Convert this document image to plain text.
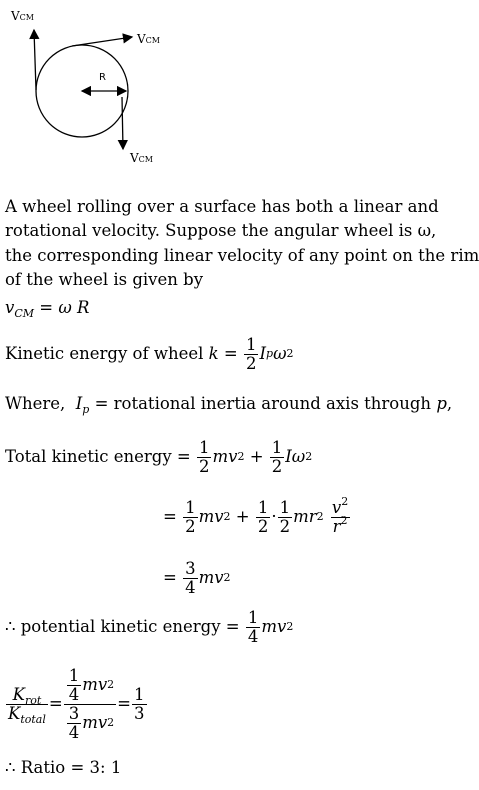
VCM
VCM
VCM
R
A wheel rolling over a surface has both a linear and
rotational velocity. Suppose the angular wheel is ω,
the corresponding linear velocity of any point on the rim
of the wheel is given by
$v_{CM} = \omega$ R
Kinetic energy of wheel
$k = \frac{1}{2}$ I p ω 2
Where, $I_p$ = rotational inertia around axis through p,
Total kinetic energy
=
$\frac{1}{2}$ mv 2
+
$\frac{1}{2}$ I ω 2
=
$\frac{1}{2}$ mv 2
+
$\frac{1}{2} \cdot \frac{1}{2}$ mr 2
$\frac{v^2}{r^2}$
=
$\frac{3}{4}$ mv 2
∴ potential kinetic energy =
$\frac{1}{4}$ mv 2
$\frac{K_{rot}}{K_{total}} = \frac{\frac{1}{4} mv 2}{\frac{3}{4} mv 2} = \frac{1}{3}$
∴ Ratio = 3: 1
